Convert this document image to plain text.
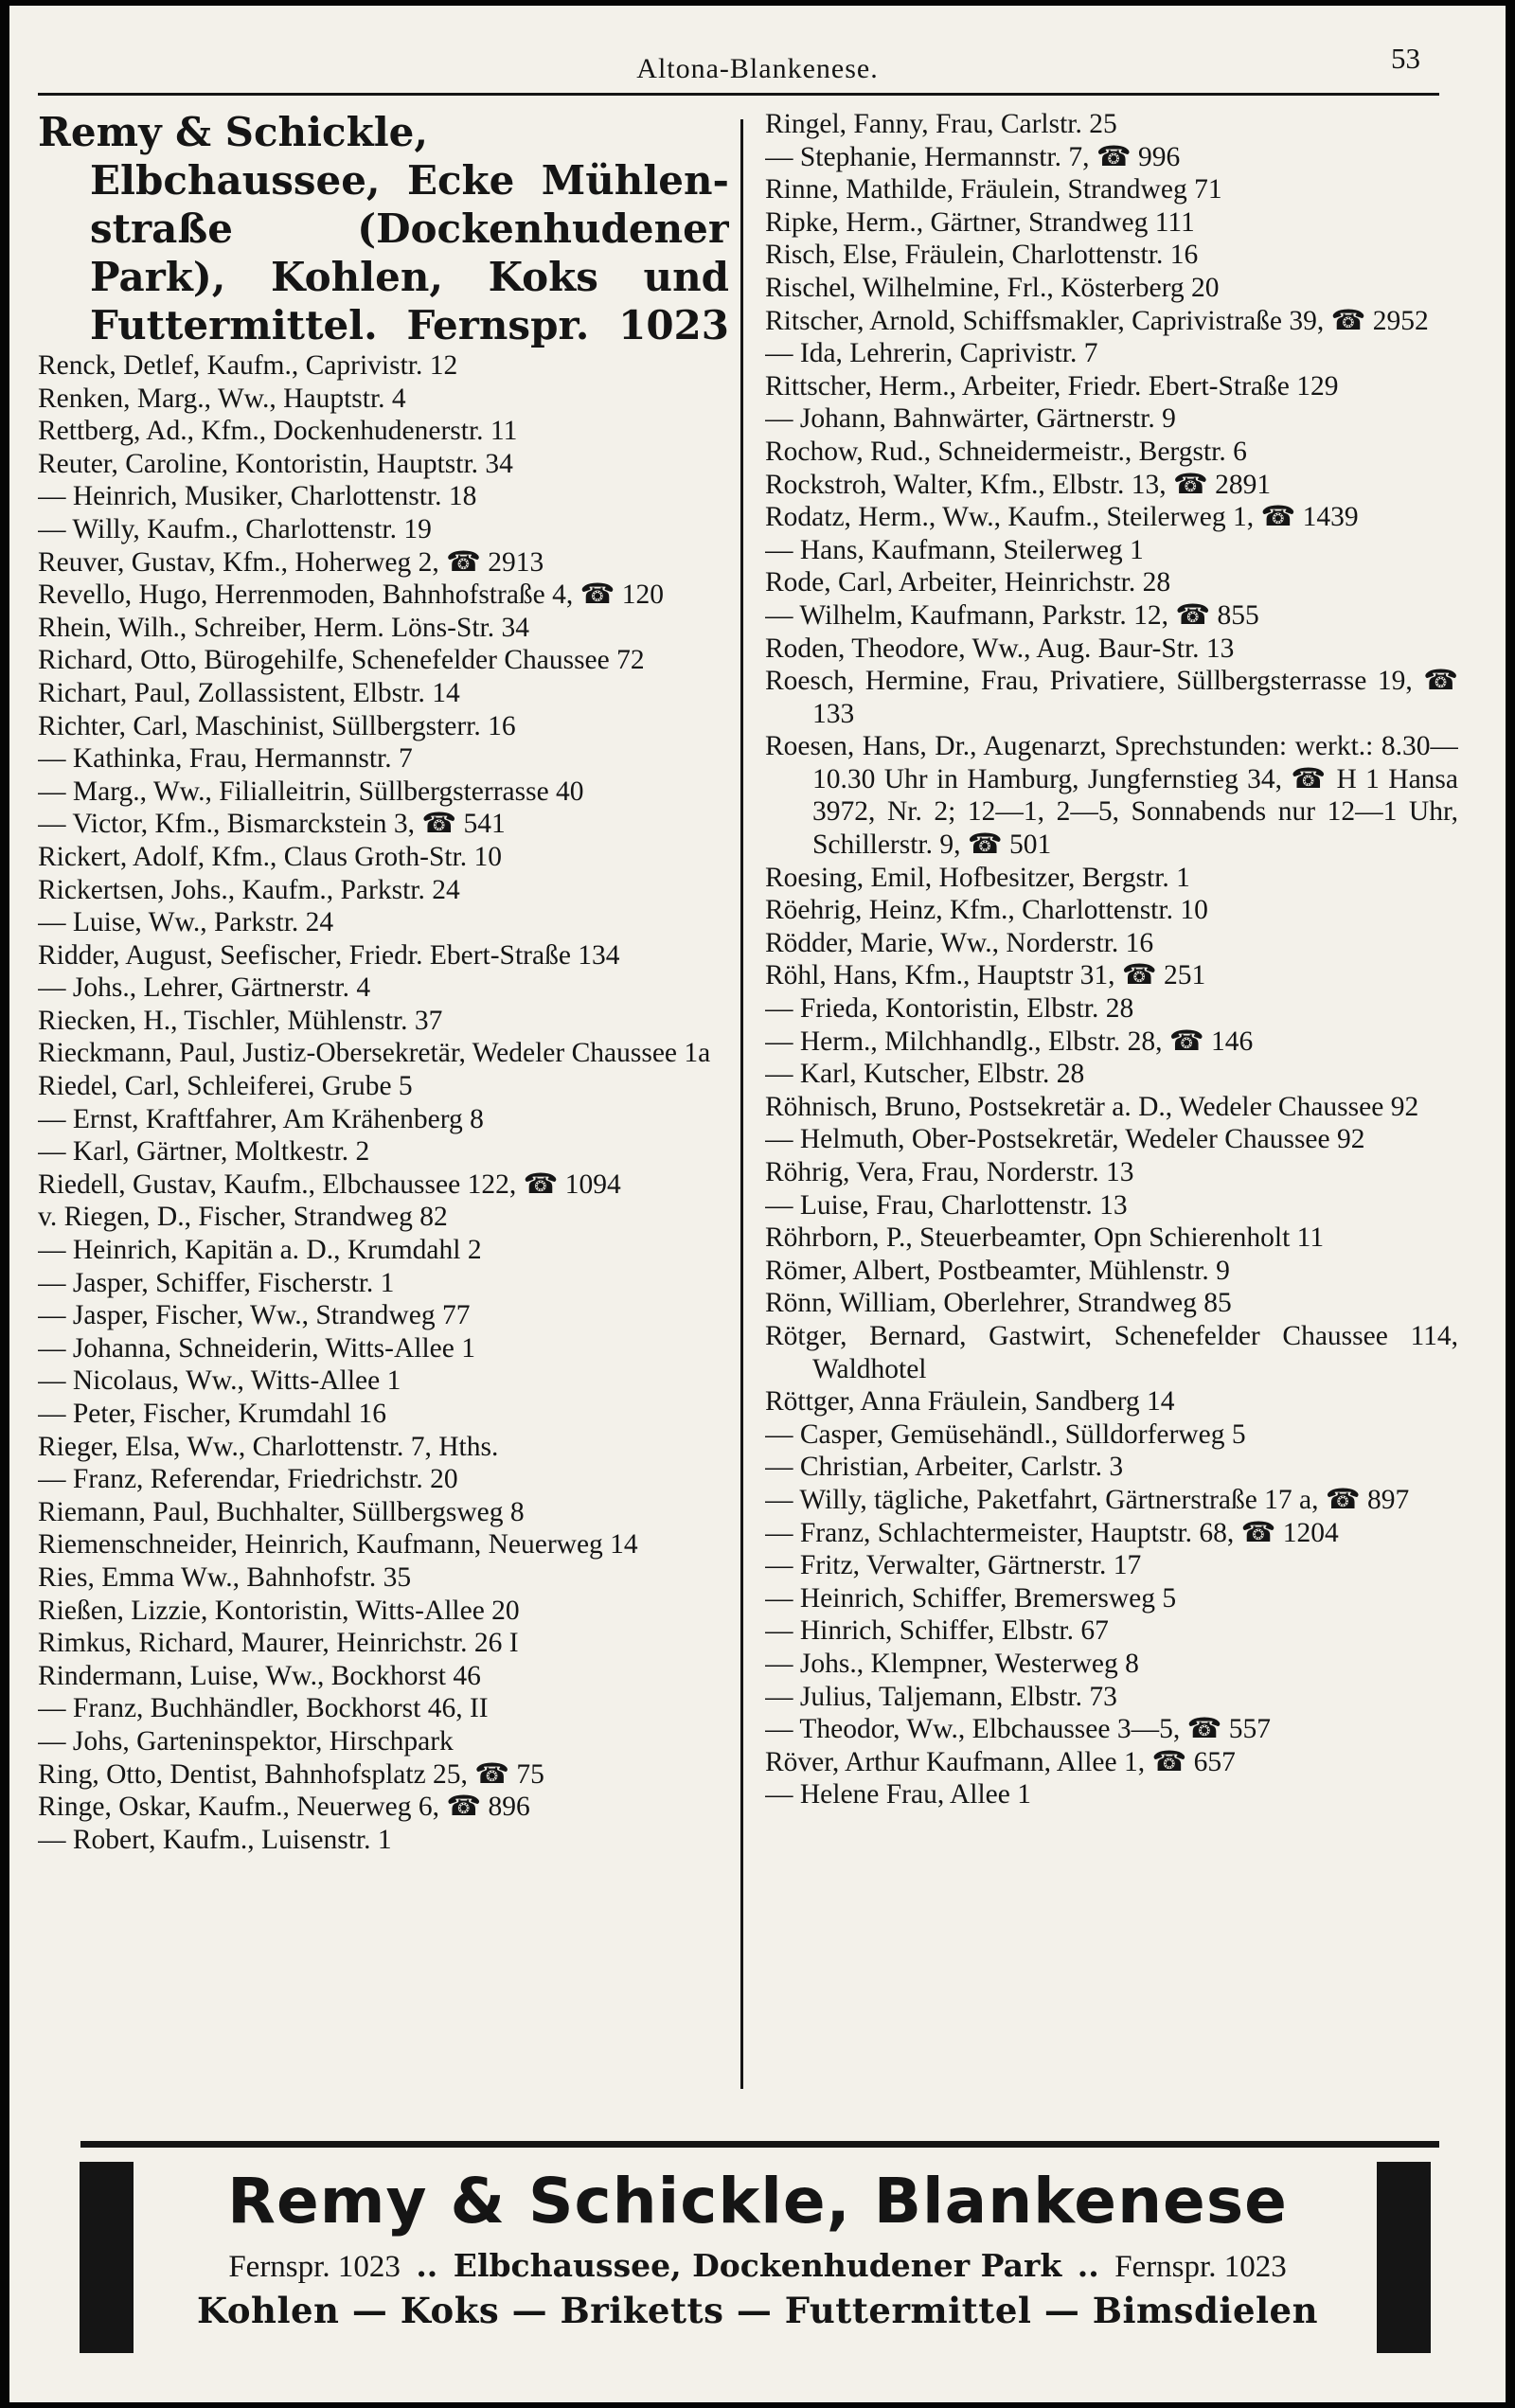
Altona-Blankenese.	53
Remy & Schickle,
Elbchaussee, Ecke Mühlen-
straße (Dockenhudener
Park), Kohlen, Koks und
Futtermittel. Fernspr. 1023
Renck, Detlef, Kaufm., Caprivistr. 12
Renken, Marg., Ww., Hauptstr. 4
Rettberg, Ad., Kfm., Dockenhudenerstr. 11
Reuter, Caroline, Kontoristin, Hauptstr. 34
— Heinrich, Musiker, Charlottenstr. 18
— Willy, Kaufm., Charlottenstr. 19
Reuver, Gustav, Kfm., Hoherweg 2, ☎ 2913
Revello, Hugo, Herrenmoden, Bahnhofstraße 4, ☎ 120
Rhein, Wilh., Schreiber, Herm. Löns-Str. 34
Richard, Otto, Bürogehilfe, Schenefelder Chaussee 72
Richart, Paul, Zollassistent, Elbstr. 14
Richter, Carl, Maschinist, Süllbergsterr. 16
— Kathinka, Frau, Hermannstr. 7
— Marg., Ww., Filialleitrin, Süllbergsterrasse 40
— Victor, Kfm., Bismarckstein 3, ☎ 541
Rickert, Adolf, Kfm., Claus Groth-Str. 10
Rickertsen, Johs., Kaufm., Parkstr. 24
— Luise, Ww., Parkstr. 24
Ridder, August, Seefischer, Friedr. Ebert-Straße 134
— Johs., Lehrer, Gärtnerstr. 4
Riecken, H., Tischler, Mühlenstr. 37
Rieckmann, Paul, Justiz-Obersekretär, Wedeler Chaussee 1a
Riedel, Carl, Schleiferei, Grube 5
— Ernst, Kraftfahrer, Am Krähenberg 8
— Karl, Gärtner, Moltkestr. 2
Riedell, Gustav, Kaufm., Elbchaussee 122, ☎ 1094
v. Riegen, D., Fischer, Strandweg 82
— Heinrich, Kapitän a. D., Krumdahl 2
— Jasper, Schiffer, Fischerstr. 1
— Jasper, Fischer, Ww., Strandweg 77
— Johanna, Schneiderin, Witts-Allee 1
— Nicolaus, Ww., Witts-Allee 1
— Peter, Fischer, Krumdahl 16
Rieger, Elsa, Ww., Charlottenstr. 7, Hths.
— Franz, Referendar, Friedrichstr. 20
Riemann, Paul, Buchhalter, Süllbergsweg 8
Riemenschneider, Heinrich, Kaufmann, Neuerweg 14
Ries, Emma Ww., Bahnhofstr. 35
Rießen, Lizzie, Kontoristin, Witts-Allee 20
Rimkus, Richard, Maurer, Heinrichstr. 26 I
Rindermann, Luise, Ww., Bockhorst 46
— Franz, Buchhändler, Bockhorst 46, II
— Johs, Garteninspektor, Hirschpark
Ring, Otto, Dentist, Bahnhofsplatz 25, ☎ 75
Ringe, Oskar, Kaufm., Neuerweg 6, ☎ 896
— Robert, Kaufm., Luisenstr. 1
Ringel, Fanny, Frau, Carlstr. 25
— Stephanie, Hermannstr. 7, ☎ 996
Rinne, Mathilde, Fräulein, Strandweg 71
Ripke, Herm., Gärtner, Strandweg 111
Risch, Else, Fräulein, Charlottenstr. 16
Rischel, Wilhelmine, Frl., Kösterberg 20
Ritscher, Arnold, Schiffsmakler, Caprivistraße 39, ☎ 2952
— Ida, Lehrerin, Caprivistr. 7
Rittscher, Herm., Arbeiter, Friedr. Ebert-Straße 129
— Johann, Bahnwärter, Gärtnerstr. 9
Rochow, Rud., Schneidermeistr., Bergstr. 6
Rockstroh, Walter, Kfm., Elbstr. 13, ☎ 2891
Rodatz, Herm., Ww., Kaufm., Steilerweg 1, ☎ 1439
— Hans, Kaufmann, Steilerweg 1
Rode, Carl, Arbeiter, Heinrichstr. 28
— Wilhelm, Kaufmann, Parkstr. 12, ☎ 855
Roden, Theodore, Ww., Aug. Baur-Str. 13
Roesch, Hermine, Frau, Privatiere, Süllbergsterrasse 19, ☎ 133
Roesen, Hans, Dr., Augenarzt, Sprechstunden: werkt.: 8.30—10.30 Uhr in Hamburg, Jungfernstieg 34, ☎ H 1 Hansa 3972, Nr. 2; 12—1, 2—5, Sonnabends nur 12—1 Uhr, Schillerstr. 9, ☎ 501
Roesing, Emil, Hofbesitzer, Bergstr. 1
Röehrig, Heinz, Kfm., Charlottenstr. 10
Rödder, Marie, Ww., Norderstr. 16
Röhl, Hans, Kfm., Hauptstr 31, ☎ 251
— Frieda, Kontoristin, Elbstr. 28
— Herm., Milchhandlg., Elbstr. 28, ☎ 146
— Karl, Kutscher, Elbstr. 28
Röhnisch, Bruno, Postsekretär a. D., Wedeler Chaussee 92
— Helmuth, Ober-Postsekretär, Wedeler Chaussee 92
Röhrig, Vera, Frau, Norderstr. 13
— Luise, Frau, Charlottenstr. 13
Röhrborn, P., Steuerbeamter, Opn Schierenholt 11
Römer, Albert, Postbeamter, Mühlenstr. 9
Rönn, William, Oberlehrer, Strandweg 85
Rötger, Bernard, Gastwirt, Schenefelder Chaussee 114, Waldhotel
Röttger, Anna Fräulein, Sandberg 14
— Casper, Gemüsehändl., Sülldorferweg 5
— Christian, Arbeiter, Carlstr. 3
— Willy, tägliche, Paketfahrt, Gärtnerstraße 17 a, ☎ 897
— Franz, Schlachtermeister, Hauptstr. 68, ☎ 1204
— Fritz, Verwalter, Gärtnerstr. 17
— Heinrich, Schiffer, Bremersweg 5
— Hinrich, Schiffer, Elbstr. 67
— Johs., Klempner, Westerweg 8
— Julius, Taljemann, Elbstr. 73
— Theodor, Ww., Elbchaussee 3—5, ☎ 557
Röver, Arthur Kaufmann, Allee 1, ☎ 657
— Helene Frau, Allee 1
Remy & Schickle, Blankenese
Fernspr. 1023 .. Elbchaussee, Dockenhudener Park .. Fernspr. 1023
Kohlen — Koks — Briketts — Futtermittel — Bimsdielen
